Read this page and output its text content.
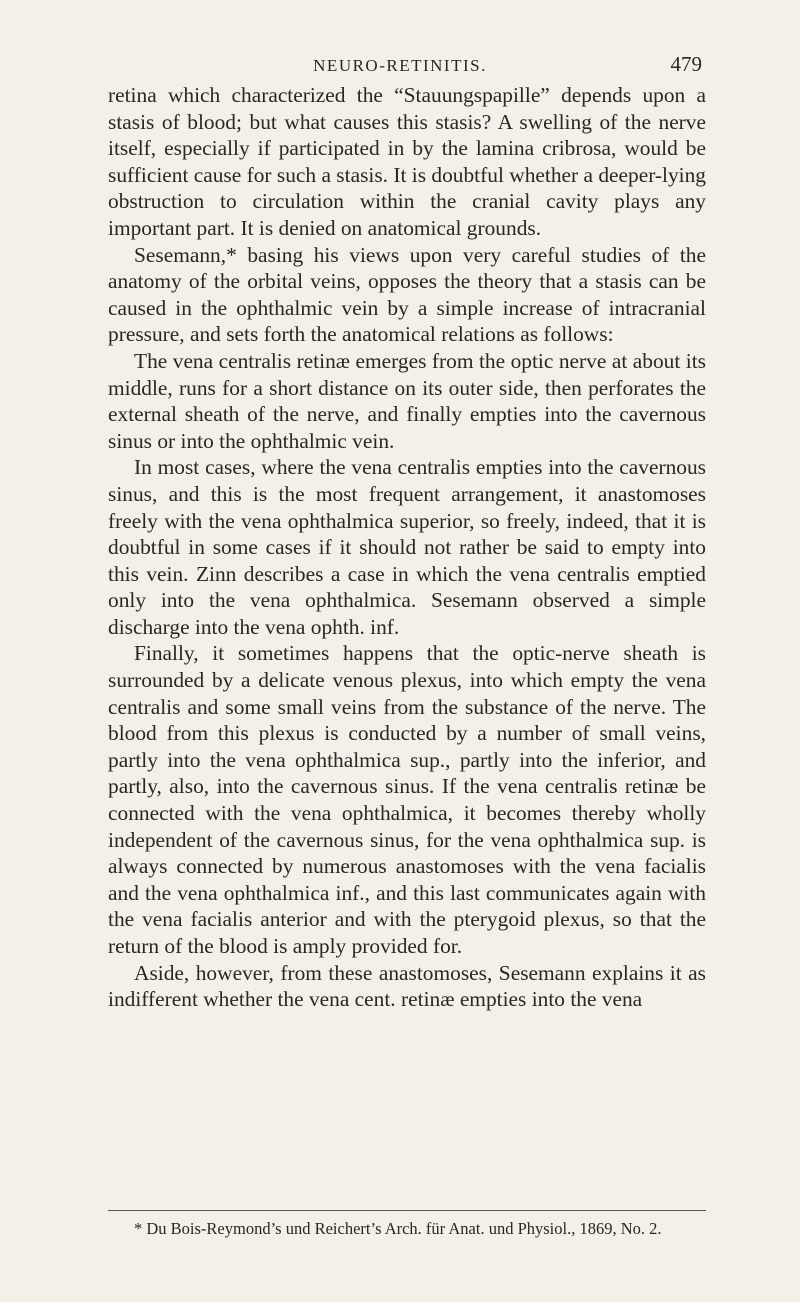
NEURO-RETINITIS.	479

retina which characterized the “Stauungspapille” depends upon a stasis of blood; but what causes this stasis? A swelling of the nerve itself, especially if participated in by the lamina cribrosa, would be sufficient cause for such a stasis. It is doubtful whether a deeper-lying obstruction to circulation within the cranial cavity plays any important part. It is denied on anatomical grounds.

Sesemann,* basing his views upon very careful studies of the anatomy of the orbital veins, opposes the theory that a stasis can be caused in the ophthalmic vein by a simple increase of intracranial pressure, and sets forth the anatomical relations as follows:

The vena centralis retinæ emerges from the optic nerve at about its middle, runs for a short distance on its outer side, then perforates the external sheath of the nerve, and finally empties into the cavernous sinus or into the ophthalmic vein.

In most cases, where the vena centralis empties into the cavernous sinus, and this is the most frequent arrangement, it anastomoses freely with the vena ophthalmica superior, so freely, indeed, that it is doubtful in some cases if it should not rather be said to empty into this vein. Zinn describes a case in which the vena centralis emptied only into the vena ophthalmica. Sesemann observed a simple discharge into the vena ophth. inf.

Finally, it sometimes happens that the optic-nerve sheath is surrounded by a delicate venous plexus, into which empty the vena centralis and some small veins from the substance of the nerve. The blood from this plexus is conducted by a number of small veins, partly into the vena ophthalmica sup., partly into the inferior, and partly, also, into the cavernous sinus. If the vena centralis retinæ be connected with the vena ophthalmica, it becomes thereby wholly independent of the cavernous sinus, for the vena ophthalmica sup. is always connected by numerous anastomoses with the vena facialis and the vena ophthalmica inf., and this last communicates again with the vena facialis anterior and with the pterygoid plexus, so that the return of the blood is amply provided for.

Aside, however, from these anastomoses, Sesemann explains it as indifferent whether the vena cent. retinæ empties into the vena

* Du Bois-Reymond’s und Reichert’s Arch. für Anat. und Physiol., 1869, No. 2.
